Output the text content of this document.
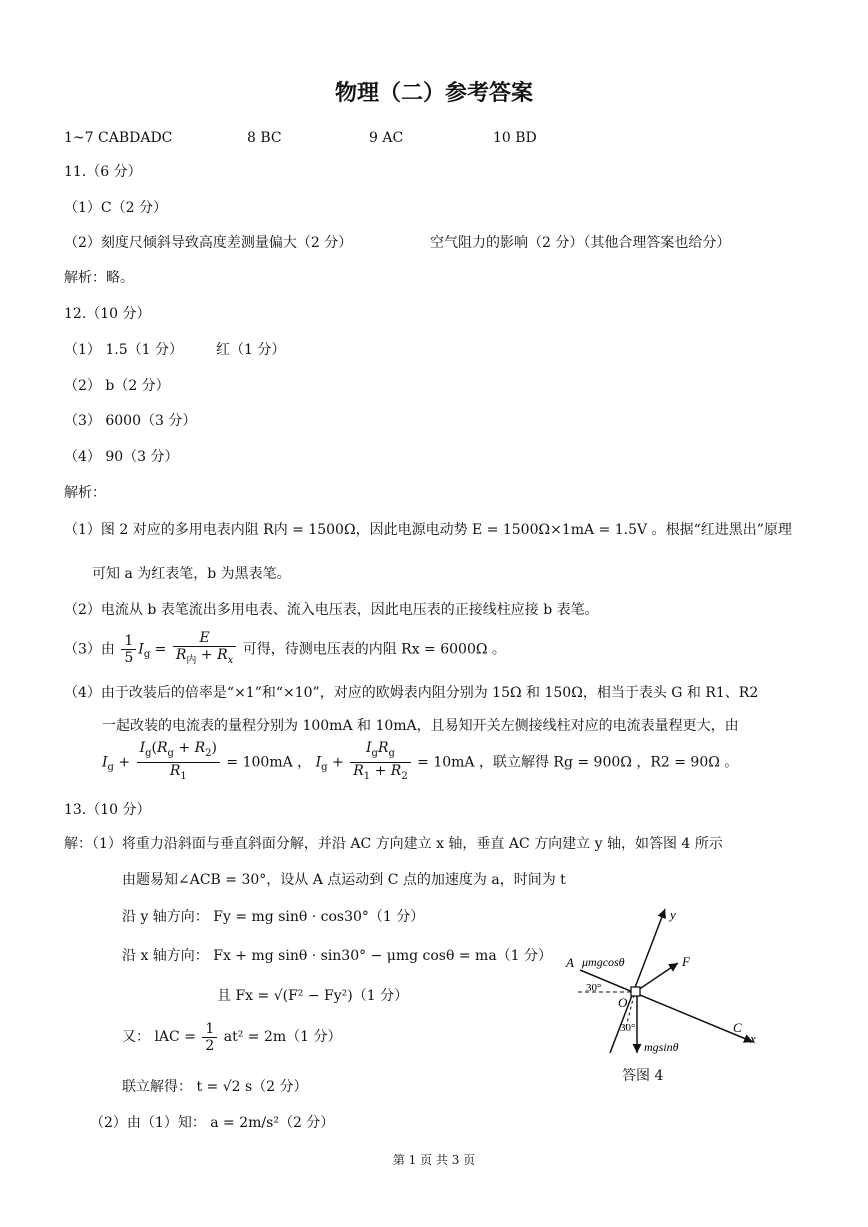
物理（二）参考答案
1~7 CABDADC	8 BC	9 AC	10 BD
11.（6 分）
（1）C（2 分）
（2）刻度尺倾斜导致高度差测量偏大（2 分）	空气阻力的影响（2 分）（其他合理答案也给分）
解析：略。
12.（10 分）
（1） 1.5（1 分） 红（1 分）
（2） b（2 分）
（3） 6000（3 分）
（4） 90（3 分）
解析：
（1）图 2 对应的多用电表内阻 R内 = 1500Ω，因此电源电动势 E = 1500Ω×1mA = 1.5V 。根据“红进黑出”原理
可知 a 为红表笔，b 为黑表笔。
（2）电流从 b 表笔流出多用电表、流入电压表，因此电压表的正接线柱应接 b 表笔。
（3）由 $\frac{1}{5} I_g = \frac{E}{R_内 + R_x}$ 可得，待测电压表的内阻 Rx = 6000Ω 。
（4）由于改装后的倍率是“×1”和“×10”，对应的欧姆表内阻分别为 15Ω 和 150Ω，相当于表头 G 和 R1、R2
一起改装的电流表的量程分别为 100mA 和 10mA，且易知开关左侧接线柱对应的电流表量程更大，由
$I_g + \frac{I_g(R_g + R_2)}{R_1} = 100mA$ ， $I_g + \frac{I_gR_g}{R_1 + R_2} = 10mA$ ，联立解得 Rg = 900Ω ，R2 = 90Ω 。
13.（10 分）
解：（1）将重力沿斜面与垂直斜面分解，并沿 AC 方向建立 x 轴，垂直 AC 方向建立 y 轴，如答图 4 所示
由题易知∠ACB = 30°，设从 A 点运动到 C 点的加速度为 a，时间为 t
沿 y 轴方向： Fy = mg sinθ · cos30°（1 分）
沿 x 轴方向： Fx + mg sinθ · sin30° − μmg cosθ = ma（1 分）
且 Fx = √(F² − Fy²)（1 分）
又： lAC = $\frac{1}{2} at^2 = 2m(1$ 分）
联立解得： t = √2 s（2 分）
（2）由（1）知： a = 2m/s²（2 分）
y
x
F
A
C
O
μmgcosθ
mgsinθ
30°
30°
答图 4
第 1 页 共 3 页
